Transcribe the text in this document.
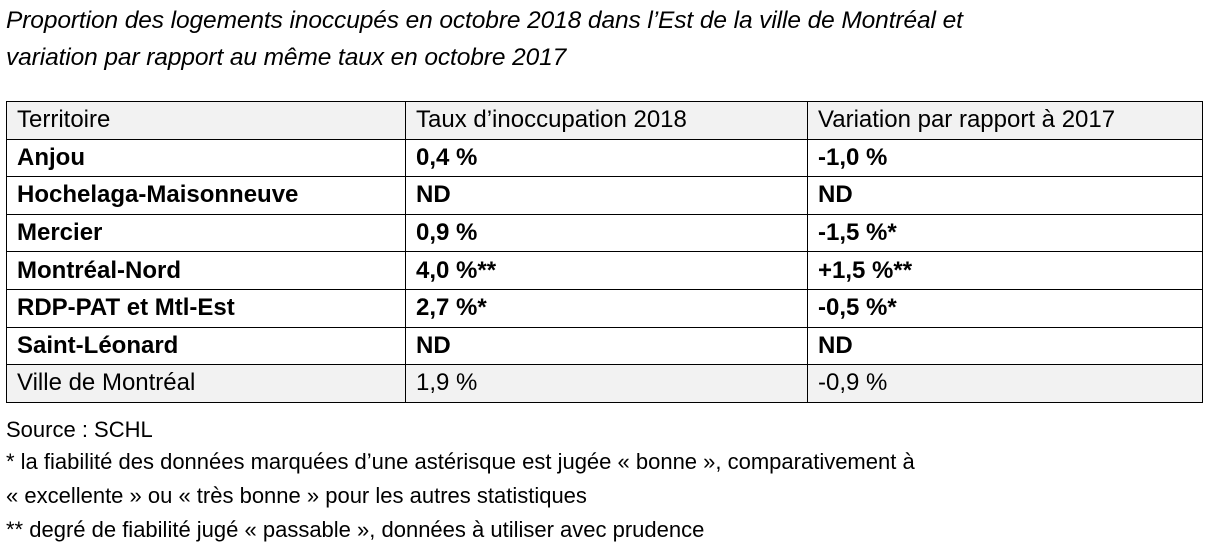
Proportion des logements inoccupés en octobre 2018 dans l’Est de la ville de Montréal et
variation par rapport au même taux en octobre 2017
Territoire	Taux d’inoccupation 2018	Variation par rapport à 2017
Anjou	0,4 %	-1,0 %
Hochelaga-Maisonneuve	ND	ND
Mercier	0,9 %	-1,5 %*
Montréal-Nord	4,0 %**	+1,5 %**
RDP-PAT et Mtl-Est	2,7 %*	-0,5 %*
Saint-Léonard	ND	ND
Ville de Montréal	1,9 %	-0,9 %
Source : SCHL
* la fiabilité des données marquées d’une astérisque est jugée « bonne », comparativement à
« excellente » ou « très bonne » pour les autres statistiques
** degré de fiabilité jugé « passable », données à utiliser avec prudence
